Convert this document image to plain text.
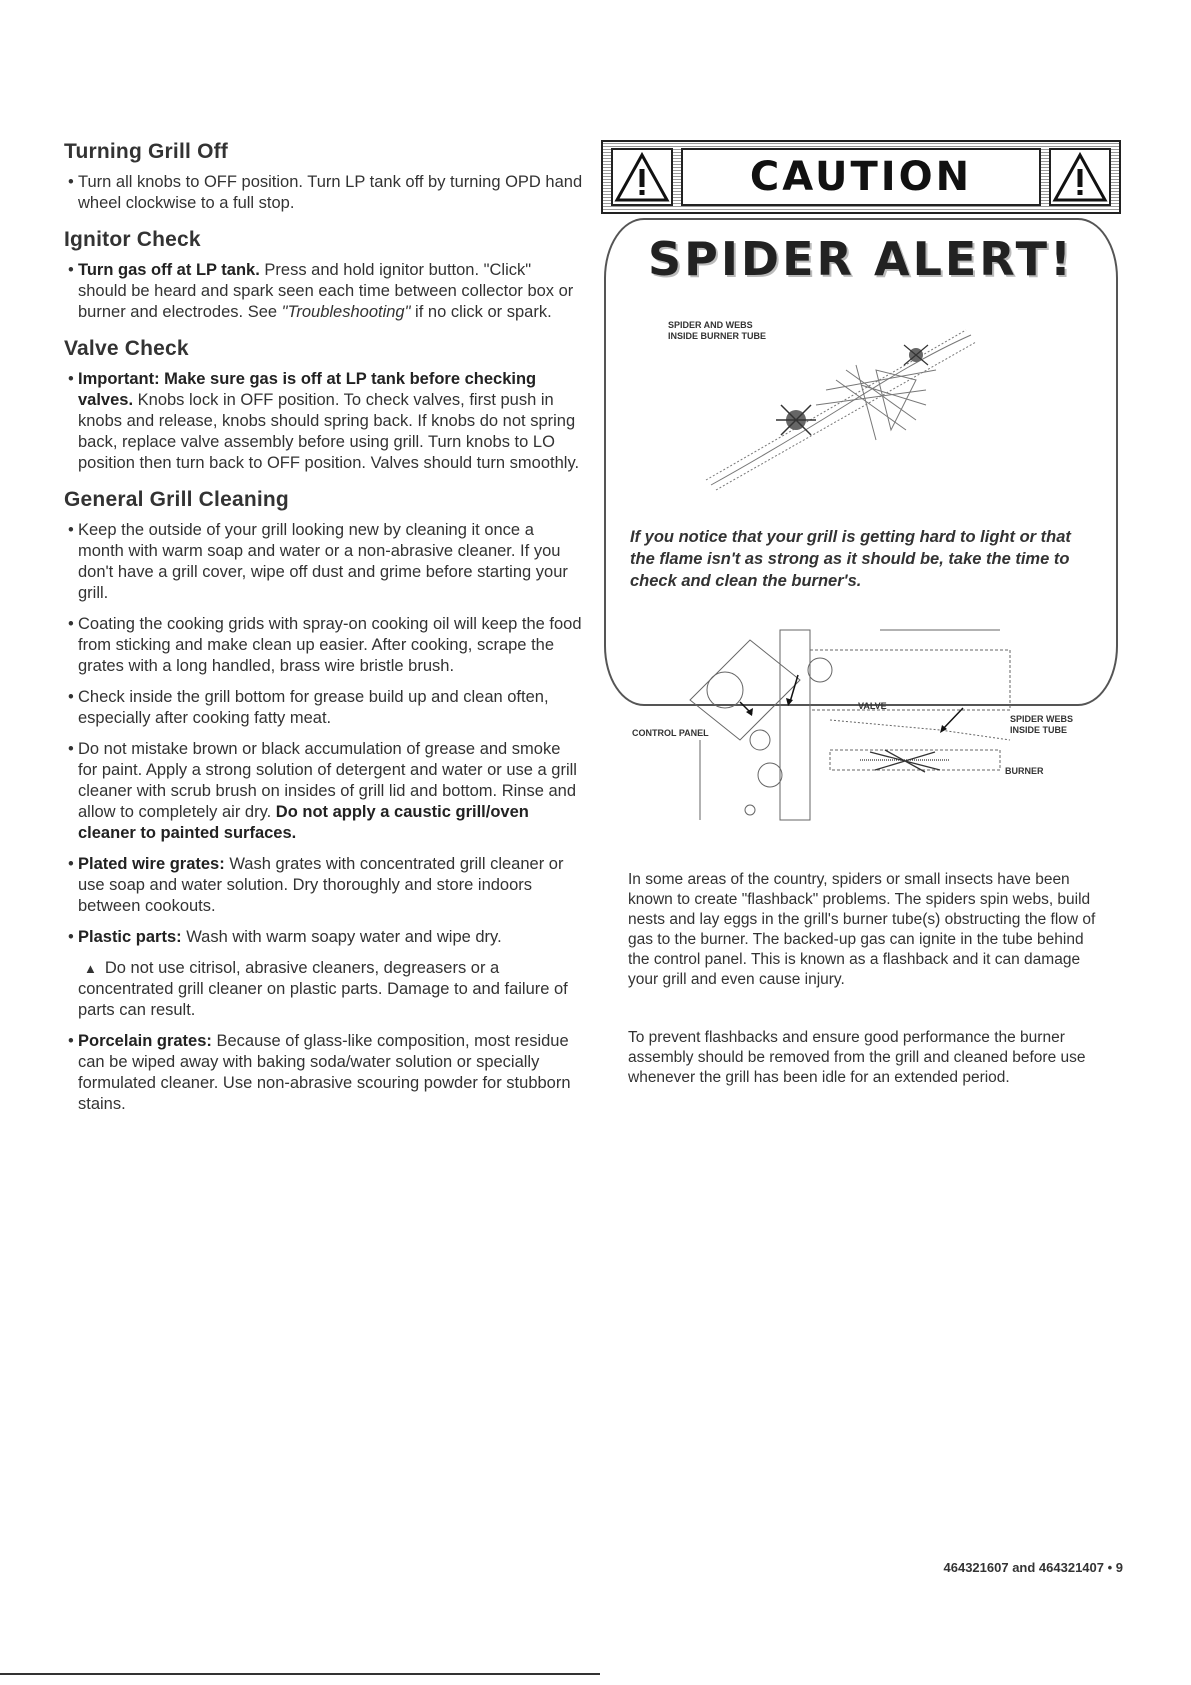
Turning Grill Off

• Turn all knobs to OFF position. Turn LP tank off by turning OPD hand wheel clockwise to a full stop.

Ignitor Check

• Turn gas off at LP tank. Press and hold ignitor button. "Click" should be heard and spark seen each time between collector box or burner and electrodes. See "Troubleshooting" if no click or spark.

Valve Check

• Important: Make sure gas is off at LP tank before checking valves. Knobs lock in OFF position. To check valves, first push in knobs and release, knobs should spring back. If knobs do not spring back, replace valve assembly before using grill. Turn knobs to LO position then turn back to OFF position. Valves should turn smoothly.

General Grill Cleaning

• Keep the outside of your grill looking new by cleaning it once a month with warm soap and water or a non-abrasive cleaner. If you don't have a grill cover, wipe off dust and grime before starting your grill.

• Coating the cooking grids with spray-on cooking oil will keep the food from sticking and make clean up easier. After cooking, scrape the grates with a long handled, brass wire bristle brush.

• Check inside the grill bottom for grease build up and clean often, especially after cooking fatty meat.

• Do not mistake brown or black accumulation of grease and smoke for paint. Apply a strong solution of detergent and water or use a grill cleaner with scrub brush on insides of grill lid and bottom. Rinse and allow to completely air dry. Do not apply a caustic grill/oven cleaner to painted surfaces.

• Plated wire grates: Wash grates with concentrated grill cleaner or use soap and water solution. Dry thoroughly and store indoors between cookouts.

• Plastic parts: Wash with warm soapy water and wipe dry.

▲ Do not use citrisol, abrasive cleaners, degreasers or a concentrated grill cleaner on plastic parts. Damage to and failure of parts can result.

• Porcelain grates: Because of glass-like composition, most residue can be wiped away with baking soda/water solution or specially formulated cleaner. Use non-abrasive scouring powder for stubborn stains.

CAUTION
SPIDER ALERT!
SPIDER AND WEBS
INSIDE BURNER TUBE
If you notice that your grill is getting hard to light or that the flame isn't as strong as it should be, take the time to check and clean the burner's.
CONTROL PANEL
VALVE
SPIDER WEBS
INSIDE TUBE
BURNER
In some areas of the country, spiders or small insects have been known to create "flashback" problems. The spiders spin webs, build nests and lay eggs in the grill's burner tube(s) obstructing the flow of gas to the burner. The backed-up gas can ignite in the tube behind the control panel. This is known as a flashback and it can damage your grill and even cause injury.
To prevent flashbacks and ensure good performance the burner assembly should be removed from the grill and cleaned before use whenever the grill has been idle for an extended period.
464321607 and 464321407 • 9
